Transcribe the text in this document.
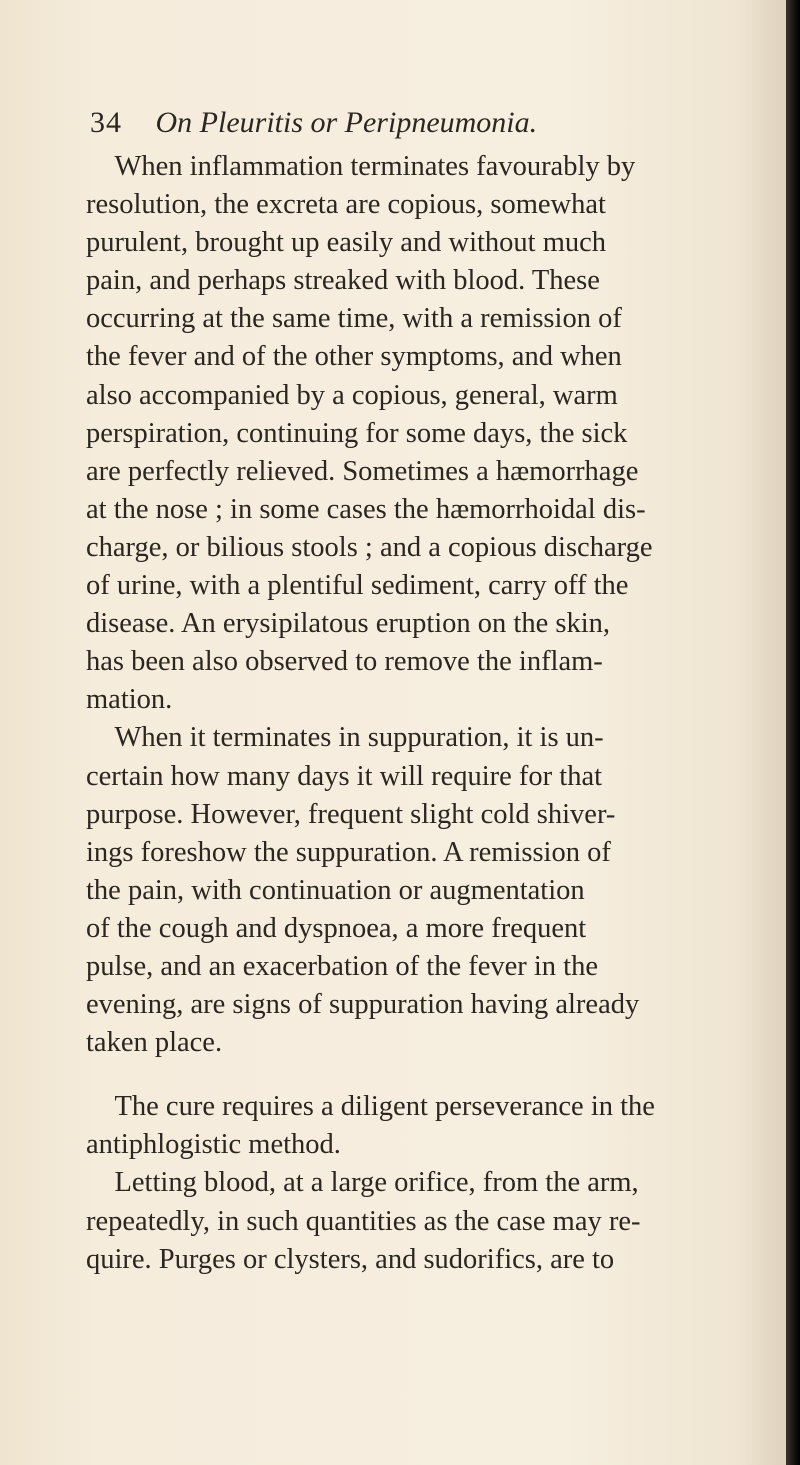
34 On Pleuritis or Peripneumonia.
 When inflammation terminates favourably by
resolution, the excreta are copious, somewhat
purulent, brought up easily and without much
pain, and perhaps streaked with blood. These
occurring at the same time, with a remission of
the fever and of the other symptoms, and when
also accompanied by a copious, general, warm
perspiration, continuing for some days, the sick
are perfectly relieved. Sometimes a hæmorrhage
at the nose ; in some cases the hæmorrhoidal dis-
charge, or bilious stools ; and a copious discharge
of urine, with a plentiful sediment, carry off the
disease. An erysipilatous eruption on the skin,
has been also observed to remove the inflam-
mation.
 When it terminates in suppuration, it is un-
certain how many days it will require for that
purpose. However, frequent slight cold shiver-
ings foreshow the suppuration. A remission of
the pain, with continuation or augmentation
of the cough and dyspnoea, a more frequent
pulse, and an exacerbation of the fever in the
evening, are signs of suppuration having already
taken place.
 The cure requires a diligent perseverance in the
antiphlogistic method.
 Letting blood, at a large orifice, from the arm,
repeatedly, in such quantities as the case may re-
quire. Purges or clysters, and sudorifics, are to
